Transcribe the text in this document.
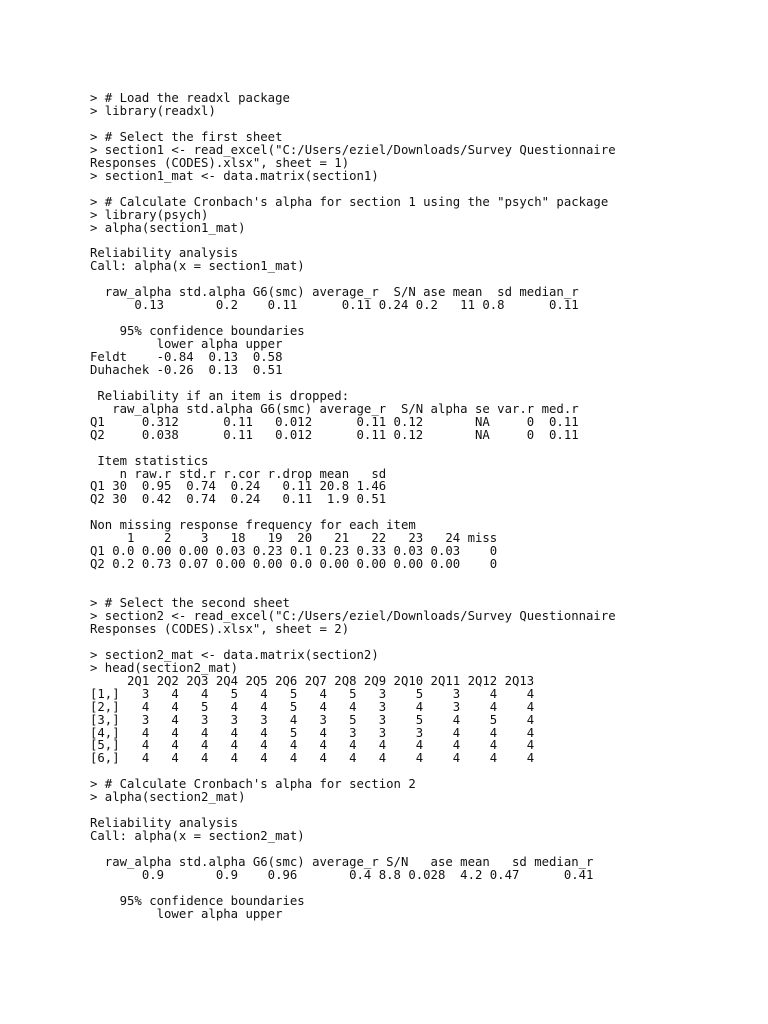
> # Load the readxl package
> library(readxl)
> # Select the first sheet
> section1 <- read_excel("C:/Users/eziel/Downloads/Survey Questionnaire
Responses (CODES).xlsx", sheet = 1)
> section1_mat <- data.matrix(section1)
> # Calculate Cronbach's alpha for section 1 using the "psych" package
> library(psych)
> alpha(section1_mat)
Reliability analysis
Call: alpha(x = section1_mat)
raw_alpha std.alpha G6(smc) average_r  S/N ase mean  sd median_r
0.13       0.2    0.11      0.11 0.24 0.2   11 0.8      0.11
95% confidence boundaries
lower alpha upper
Feldt    -0.84  0.13  0.58
Duhachek -0.26  0.13  0.51
Reliability if an item is dropped:
raw_alpha std.alpha G6(smc) average_r  S/N alpha se var.r med.r
Q1     0.312      0.11   0.012      0.11 0.12       NA     0  0.11
Q2     0.038      0.11   0.012      0.11 0.12       NA     0  0.11
Item statistics
n raw.r std.r r.cor r.drop mean   sd
Q1 30  0.95  0.74  0.24   0.11 20.8 1.46
Q2 30  0.42  0.74  0.24   0.11  1.9 0.51
Non missing response frequency for each item
1    2    3   18   19  20   21   22   23   24 miss
Q1 0.0 0.00 0.00 0.03 0.23 0.1 0.23 0.33 0.03 0.03    0
Q2 0.2 0.73 0.07 0.00 0.00 0.0 0.00 0.00 0.00 0.00    0
> # Select the second sheet
> section2 <- read_excel("C:/Users/eziel/Downloads/Survey Questionnaire
Responses (CODES).xlsx", sheet = 2)
> section2_mat <- data.matrix(section2)
> head(section2_mat)
2Q1 2Q2 2Q3 2Q4 2Q5 2Q6 2Q7 2Q8 2Q9 2Q10 2Q11 2Q12 2Q13
[1,]   3   4   4   5   4   5   4   5   3    5    3    4    4
[2,]   4   4   5   4   4   5   4   4   3    4    3    4    4
[3,]   3   4   3   3   3   4   3   5   3    5    4    5    4
[4,]   4   4   4   4   4   5   4   3   3    3    4    4    4
[5,]   4   4   4   4   4   4   4   4   4    4    4    4    4
[6,]   4   4   4   4   4   4   4   4   4    4    4    4    4
> # Calculate Cronbach's alpha for section 2
> alpha(section2_mat)
Reliability analysis
Call: alpha(x = section2_mat)
raw_alpha std.alpha G6(smc) average_r S/N   ase mean   sd median_r
0.9       0.9    0.96       0.4 8.8 0.028  4.2 0.47      0.41
95% confidence boundaries
lower alpha upper
